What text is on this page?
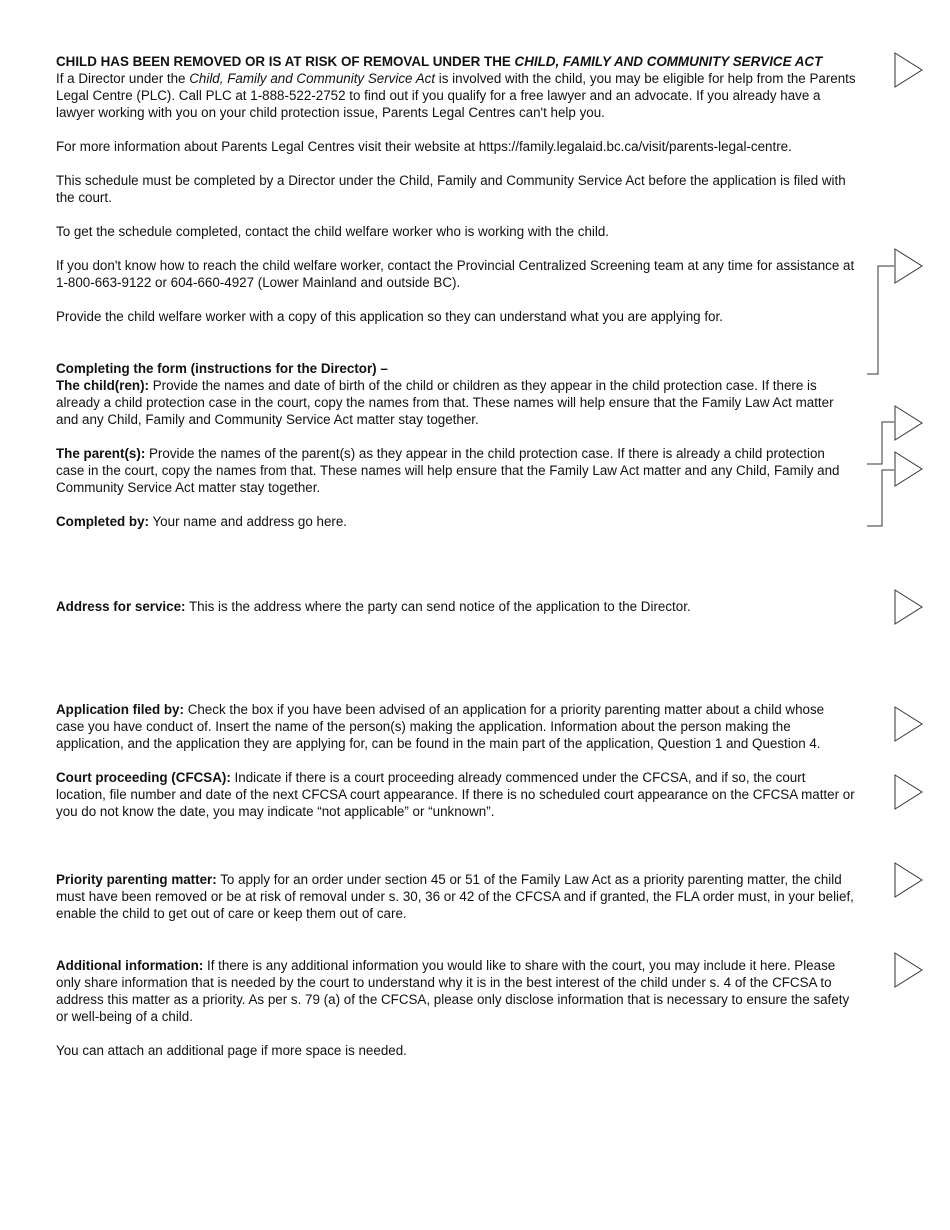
CHILD HAS BEEN REMOVED OR IS AT RISK OF REMOVAL UNDER THE CHILD, FAMILY AND COMMUNITY SERVICE ACT

If a Director under the Child, Family and Community Service Act is involved with the child, you may be eligible for help from the Parents Legal Centre (PLC). Call PLC at 1-888-522-2752 to find out if you qualify for a free lawyer and an advocate. If you already have a lawyer working with you on your child protection issue, Parents Legal Centres can't help you.

For more information about Parents Legal Centres visit their website at https://family.legalaid.bc.ca/visit/parents-legal-centre.

This schedule must be completed by a Director under the Child, Family and Community Service Act before the application is filed with the court.

To get the schedule completed, contact the child welfare worker who is working with the child.

If you don't know how to reach the child welfare worker, contact the Provincial Centralized Screening team at any time for assistance at 1-800-663-9122 or 604-660-4927 (Lower Mainland and outside BC).

Provide the child welfare worker with a copy of this application so they can understand what you are applying for.

Completing the form (instructions for the Director) –

The child(ren): Provide the names and date of birth of the child or children as they appear in the child protection case. If there is already a child protection case in the court, copy the names from that. These names will help ensure that the Family Law Act matter and any Child, Family and Community Service Act matter stay together.

The parent(s): Provide the names of the parent(s) as they appear in the child protection case. If there is already a child protection case in the court, copy the names from that. These names will help ensure that the Family Law Act matter and any Child, Family and Community Service Act matter stay together.

Completed by: Your name and address go here.

Address for service: This is the address where the party can send notice of the application to the Director.

Application filed by: Check the box if you have been advised of an application for a priority parenting matter about a child whose case you have conduct of. Insert the name of the person(s) making the application. Information about the person making the application, and the application they are applying for, can be found in the main part of the application, Question 1 and Question 4.

Court proceeding (CFCSA): Indicate if there is a court proceeding already commenced under the CFCSA, and if so, the court location, file number and date of the next CFCSA court appearance. If there is no scheduled court appearance on the CFCSA matter or you do not know the date, you may indicate “not applicable” or “unknown”.

Priority parenting matter: To apply for an order under section 45 or 51 of the Family Law Act as a priority parenting matter, the child must have been removed or be at risk of removal under s. 30, 36 or 42 of the CFCSA and if granted, the FLA order must, in your belief, enable the child to get out of care or keep them out of care.

Additional information: If there is any additional information you would like to share with the court, you may include it here. Please only share information that is needed by the court to understand why it is in the best interest of the child under s. 4 of the CFCSA to address this matter as a priority. As per s. 79 (a) of the CFCSA, please only disclose information that is necessary to ensure the safety or well-being of a child.

You can attach an additional page if more space is needed.
